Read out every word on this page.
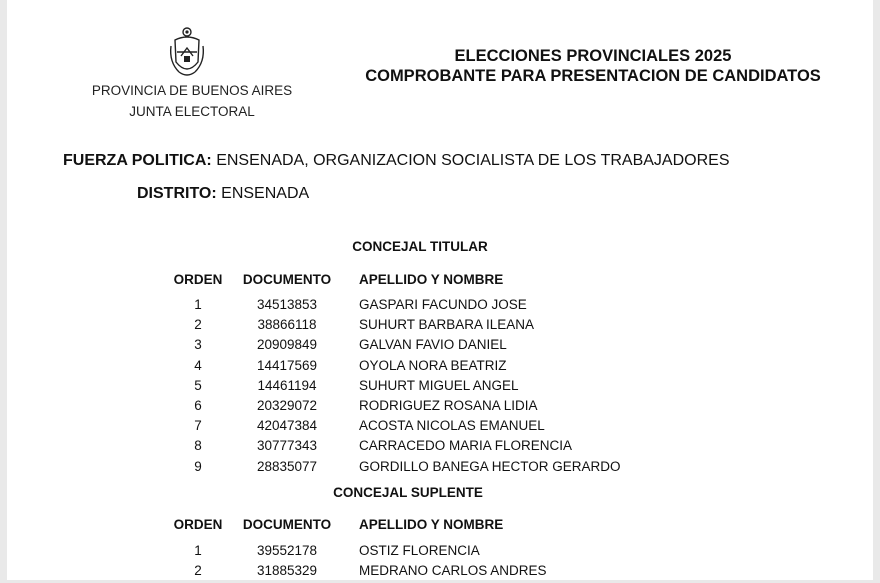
PROVINCIA DE BUENOS AIRES
JUNTA ELECTORAL
ELECCIONES PROVINCIALES 2025
COMPROBANTE PARA PRESENTACION DE CANDIDATOS
FUERZA POLITICA: ENSENADA, ORGANIZACION SOCIALISTA DE LOS TRABAJADORES
DISTRITO: ENSENADA
CONCEJAL TITULAR
ORDEN	DOCUMENTO	APELLIDO Y NOMBRE
1	34513853	GASPARI FACUNDO JOSE
2	38866118	SUHURT BARBARA ILEANA
3	20909849	GALVAN FAVIO DANIEL
4	14417569	OYOLA NORA BEATRIZ
5	14461194	SUHURT MIGUEL ANGEL
6	20329072	RODRIGUEZ ROSANA LIDIA
7	42047384	ACOSTA NICOLAS EMANUEL
8	30777343	CARRACEDO MARIA FLORENCIA
9	28835077	GORDILLO BANEGA HECTOR GERARDO
CONCEJAL SUPLENTE
ORDEN	DOCUMENTO	APELLIDO Y NOMBRE
1	39552178	OSTIZ FLORENCIA
2	31885329	MEDRANO CARLOS ANDRES
